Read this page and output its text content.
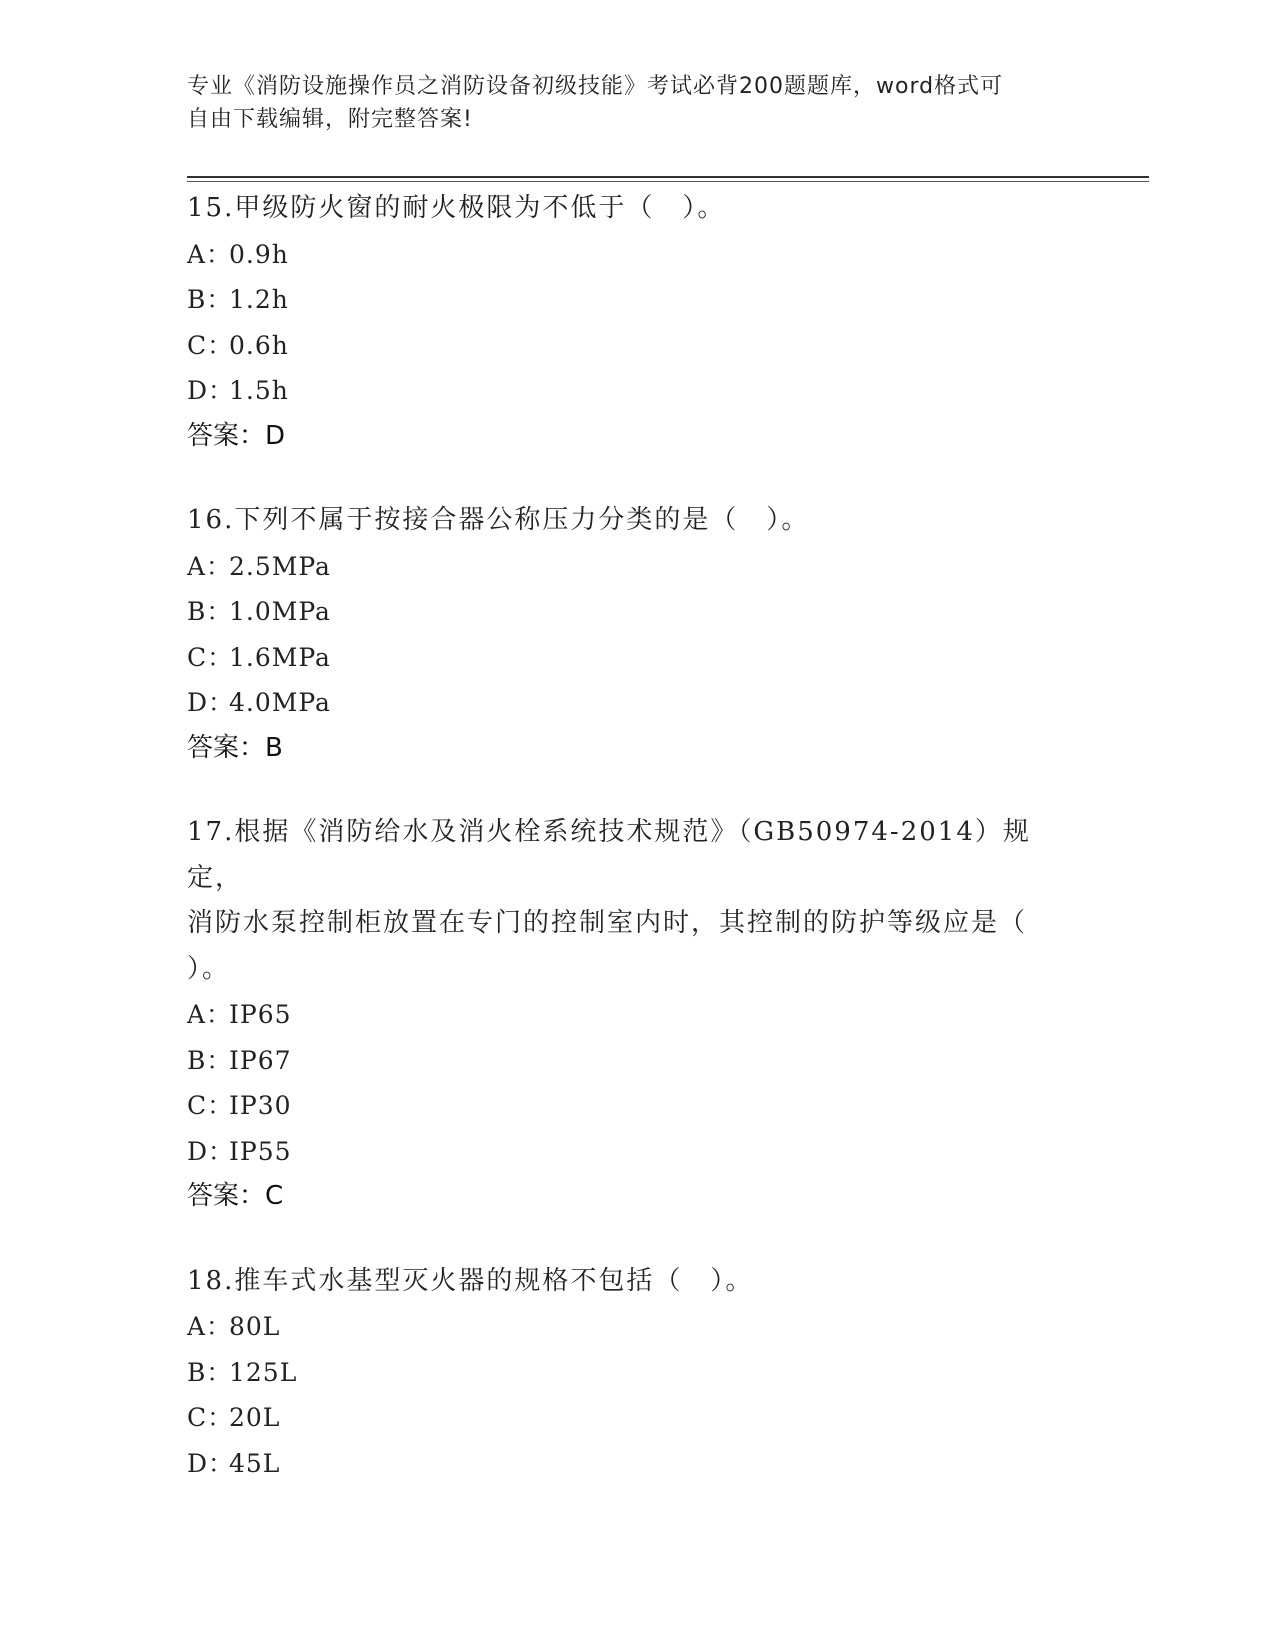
专业《消防设施操作员之消防设备初级技能》考试必背200题题库，word格式可
自由下载编辑，附完整答案!
15.甲级防火窗的耐火极限为不低于（　）。
A：0.9h
B：1.2h
C：0.6h
D：1.5h
答案：D
16.下列不属于按接合器公称压力分类的是（　）。
A：2.5MPa
B：1.0MPa
C：1.6MPa
D：4.0MPa
答案：B
17.根据《消防给水及消火栓系统技术规范》（GB50974-2014）规定，
消防水泵控制柜放置在专门的控制室内时，其控制的防护等级应是（
）。
A：IP65
B：IP67
C：IP30
D：IP55
答案：C
18.推车式水基型灭火器的规格不包括（　）。
A：80L
B：125L
C：20L
D：45L
